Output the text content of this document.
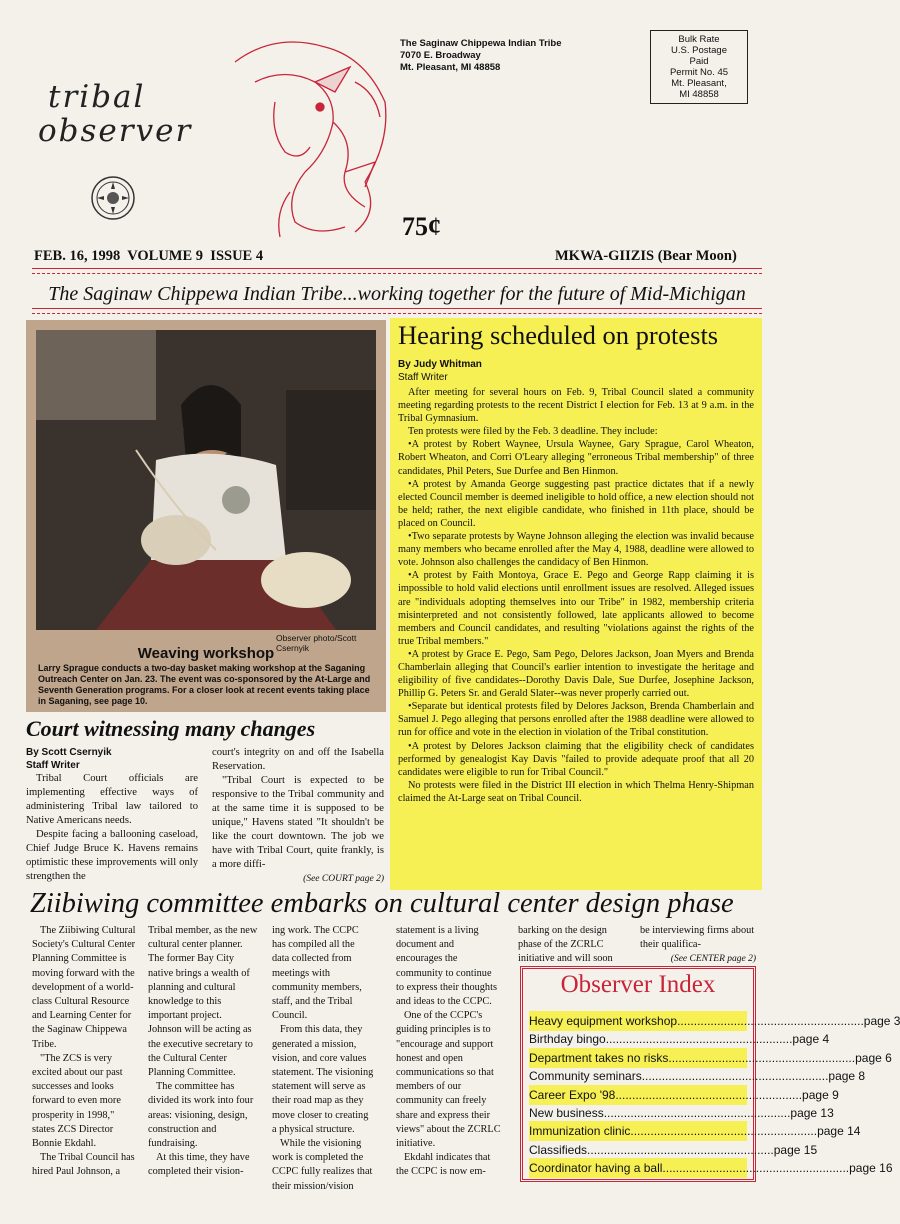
tribal
observer
The Saginaw Chippewa Indian Tribe
7070 E. Broadway
Mt. Pleasant, MI 48858
Bulk Rate
U.S. Postage
Paid
Permit No. 45
Mt. Pleasant,
MI 48858
75¢
FEB. 16, 1998 VOLUME 9 ISSUE 4	MKWA-GIIZIS (Bear Moon)
The Saginaw Chippewa Indian Tribe...working together for the future of Mid-Michigan
Observer photo/Scott Csernyik
Weaving workshop
Larry Sprague conducts a two-day basket making workshop at the Saganing Outreach Center on Jan. 23. The event was co-sponsored by the At-Large and Seventh Generation programs. For a closer look at recent events taking place in Saganing, see page 10.
Hearing scheduled on protests
By Judy Whitman
Staff Writer

After meeting for several hours on Feb. 9, Tribal Council slated a community meeting regarding protests to the recent District I election for Feb. 13 at 9 a.m. in the Tribal Gymnasium.

Ten protests were filed by the Feb. 3 deadline. They include:

•A protest by Robert Waynee, Ursula Waynee, Gary Sprague, Carol Wheaton, Robert Wheaton, and Corri O'Leary alleging "erroneous Tribal membership" of three candidates, Phil Peters, Sue Durfee and Ben Hinmon.

•A protest by Amanda George suggesting past practice dictates that if a newly elected Council member is deemed ineligible to hold office, a new election should not be held; rather, the next eligible candidate, who finished in 11th place, should be placed on Council.

•Two separate protests by Wayne Johnson alleging the election was invalid because many members who became enrolled after the May 4, 1988, deadline were allowed to vote. Johnson also challenges the candidacy of Ben Hinmon.

•A protest by Faith Montoya, Grace E. Pego and George Rapp claiming it is impossible to hold valid elections until enrollment issues are resolved. Alleged issues are "individuals adopting themselves into our Tribe" in 1982, membership criteria misinterpreted and not consistently followed, late applicants allowed to become members and Council candidates, and resulting "violations against the rights of the true Tribal members."

•A protest by Grace E. Pego, Sam Pego, Delores Jackson, Joan Myers and Brenda Chamberlain alleging that Council's earlier intention to investigate the heritage and eligibility of five candidates--Dorothy Davis Dale, Sue Durfee, Josephine Jackson, Phillip G. Peters Sr. and Gerald Slater--was never properly carried out.

•Separate but identical protests filed by Delores Jackson, Brenda Chamberlain and Samuel J. Pego alleging that persons enrolled after the 1988 deadline were allowed to run for office and vote in the election in violation of the Tribal constitution.

•A protest by Delores Jackson claiming that the eligibility check of candidates performed by genealogist Kay Davis "failed to provide adequate proof that all 20 candidates were eligible to run for Tribal Council."

No protests were filed in the District III election in which Thelma Henry-Shipman claimed the At-Large seat on Tribal Council.

Court witnessing many changes
By Scott Csernyik
Staff Writer

Tribal Court officials are implementing effective ways of administering Tribal law tailored to Native Americans needs.

Despite facing a ballooning caseload, Chief Judge Bruce K. Havens remains optimistic these improvements will only strengthen the

court's integrity on and off the Isabella Reservation.

"Tribal Court is expected to be responsive to the Tribal community and at the same time it is supposed to be unique," Havens stated "It shouldn't be like the court downtown. The job we have with Tribal Court, quite frankly, is a more diffi-

(See COURT page 2)
Ziibiwing committee embarks on cultural center design phase

The Ziibiwing Cultural Society's Cultural Center Planning Committee is moving forward with the development of a world-class Cultural Resource and Learning Center for the Saginaw Chippewa Tribe.

"The ZCS is very excited about our past successes and looks forward to even more prosperity in 1998," states ZCS Director Bonnie Ekdahl.

The Tribal Council has hired Paul Johnson, a

Tribal member, as the new cultural center planner. The former Bay City native brings a wealth of planning and cultural knowledge to this important project. Johnson will be acting as the executive secretary to the Cultural Center Planning Committee.

The committee has divided its work into four areas: visioning, design, construction and fundraising.

At this time, they have completed their vision-

ing work. The CCPC has compiled all the data collected from meetings with community members, staff, and the Tribal Council.

From this data, they generated a mission, vision, and core values statement. The visioning statement will serve as their road map as they move closer to creating a physical structure.

While the visioning work is completed the CCPC fully realizes that their mission/vision

statement is a living document and encourages the community to continue to express their thoughts and ideas to the CCPC.

One of the CCPC's guiding principles is to "encourage and support honest and open communications so that members of our community can freely share and express their views" about the ZCRLC initiative.

Ekdahl indicates that the CCPC is now em-

barking on the design phase of the ZCRLC initiative and will soon

be interviewing firms about their qualifica-

(See CENTER page 2)
Observer Index
Heavy equipment workshop ........................................................ page 3
Birthday bingo ........................................................ page 4
Department takes no risks ........................................................ page 6
Community seminars ........................................................ page 8
Career Expo '98 ........................................................ page 9
New business ........................................................ page 13
Immunization clinic ........................................................ page 14
Classifieds ........................................................ page 15
Coordinator having a ball ........................................................ page 16
